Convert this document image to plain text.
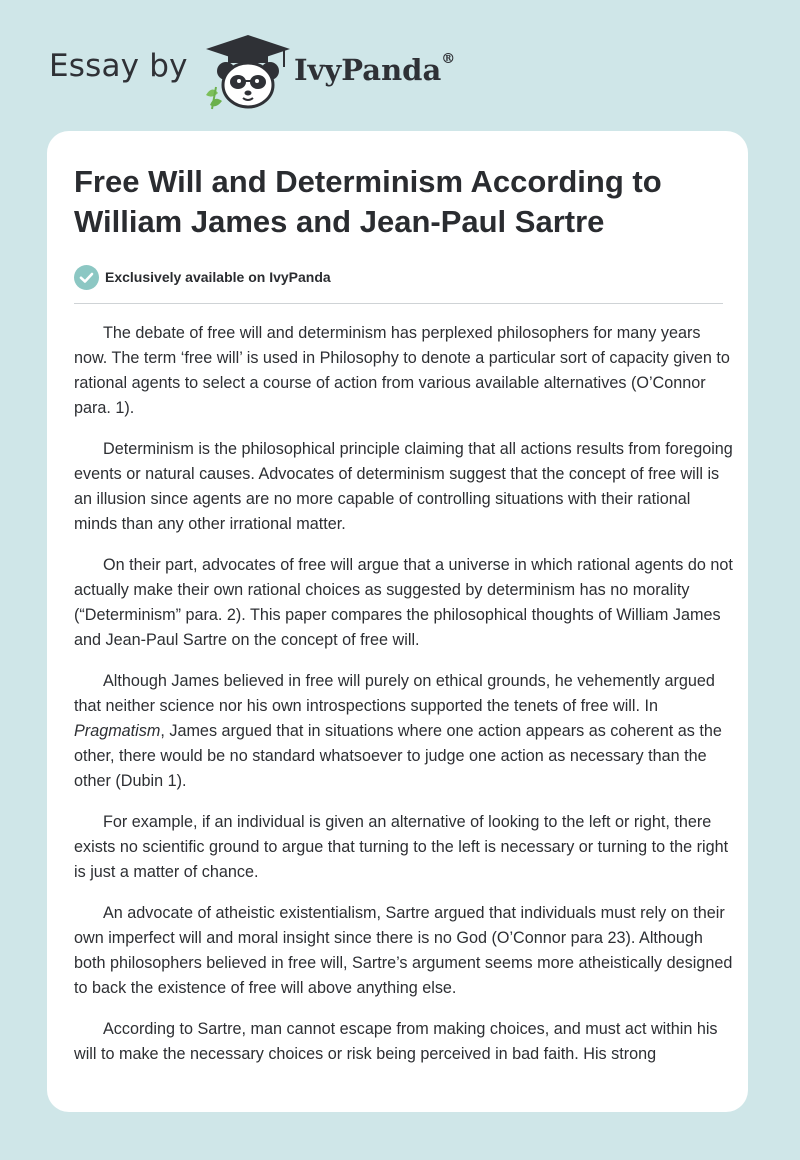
Essay by	IvyPanda®
Free Will and Determinism According to William James and Jean-Paul Sartre
Exclusively available on IvyPanda

The debate of free will and determinism has perplexed philosophers for many years now. The term ‘free will’ is used in Philosophy to denote a particular sort of capacity given to rational agents to select a course of action from various available alternatives (O’Connor para. 1).

Determinism is the philosophical principle claiming that all actions results from foregoing events or natural causes. Advocates of determinism suggest that the concept of free will is an illusion since agents are no more capable of controlling situations with their rational minds than any other irrational matter.

On their part, advocates of free will argue that a universe in which rational agents do not actually make their own rational choices as suggested by determinism has no morality (“Determinism” para. 2). This paper compares the philosophical thoughts of William James and Jean-Paul Sartre on the concept of free will.

Although James believed in free will purely on ethical grounds, he vehemently argued that neither science nor his own introspections supported the tenets of free will. In Pragmatism, James argued that in situations where one action appears as coherent as the other, there would be no standard whatsoever to judge one action as necessary than the other (Dubin 1).

For example, if an individual is given an alternative of looking to the left or right, there exists no scientific ground to argue that turning to the left is necessary or turning to the right is just a matter of chance.

An advocate of atheistic existentialism, Sartre argued that individuals must rely on their own imperfect will and moral insight since there is no God (O’Connor para 23). Although both philosophers believed in free will, Sartre’s argument seems more atheistically designed to back the existence of free will above anything else.

According to Sartre, man cannot escape from making choices, and must act within his will to make the necessary choices or risk being perceived in bad faith. His strong
